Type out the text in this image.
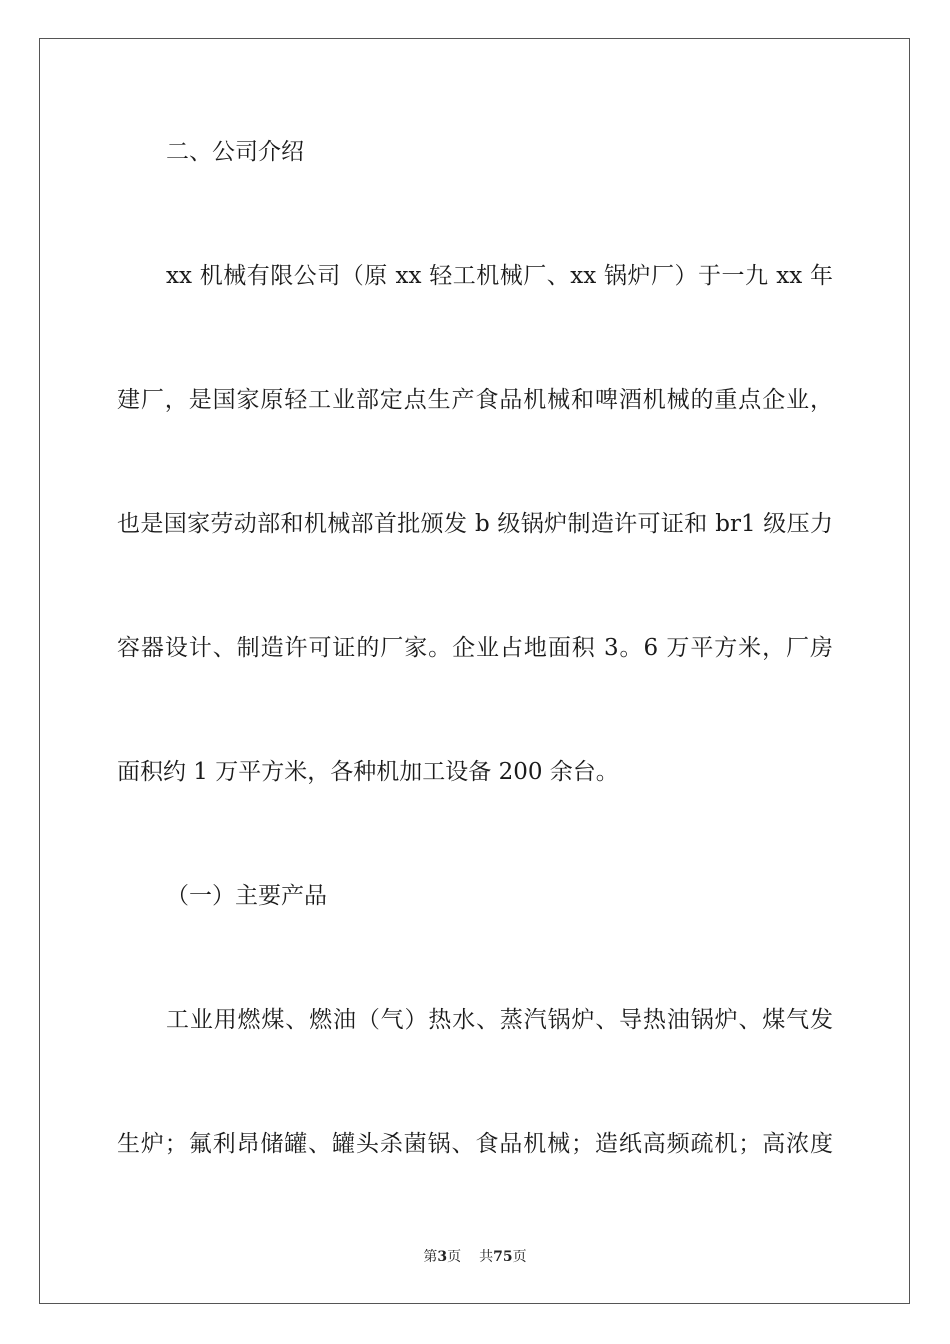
二、公司介绍
xx 机械有限公司（原 xx 轻工机械厂、xx 锅炉厂）于一九 xx 年
建厂，是国家原轻工业部定点生产食品机械和啤酒机械的重点企业，
也是国家劳动部和机械部首批颁发 b 级锅炉制造许可证和 br1 级压力
容器设计、制造许可证的厂家。企业占地面积 3。6 万平方米，厂房
面积约 1 万平方米，各种机加工设备 200 余台。
（一）主要产品
工业用燃煤、燃油（气）热水、蒸汽锅炉、导热油锅炉、煤气发
生炉；氟利昂储罐、罐头杀菌锅、食品机械；造纸高频疏机；高浓度
第3页 共75页
